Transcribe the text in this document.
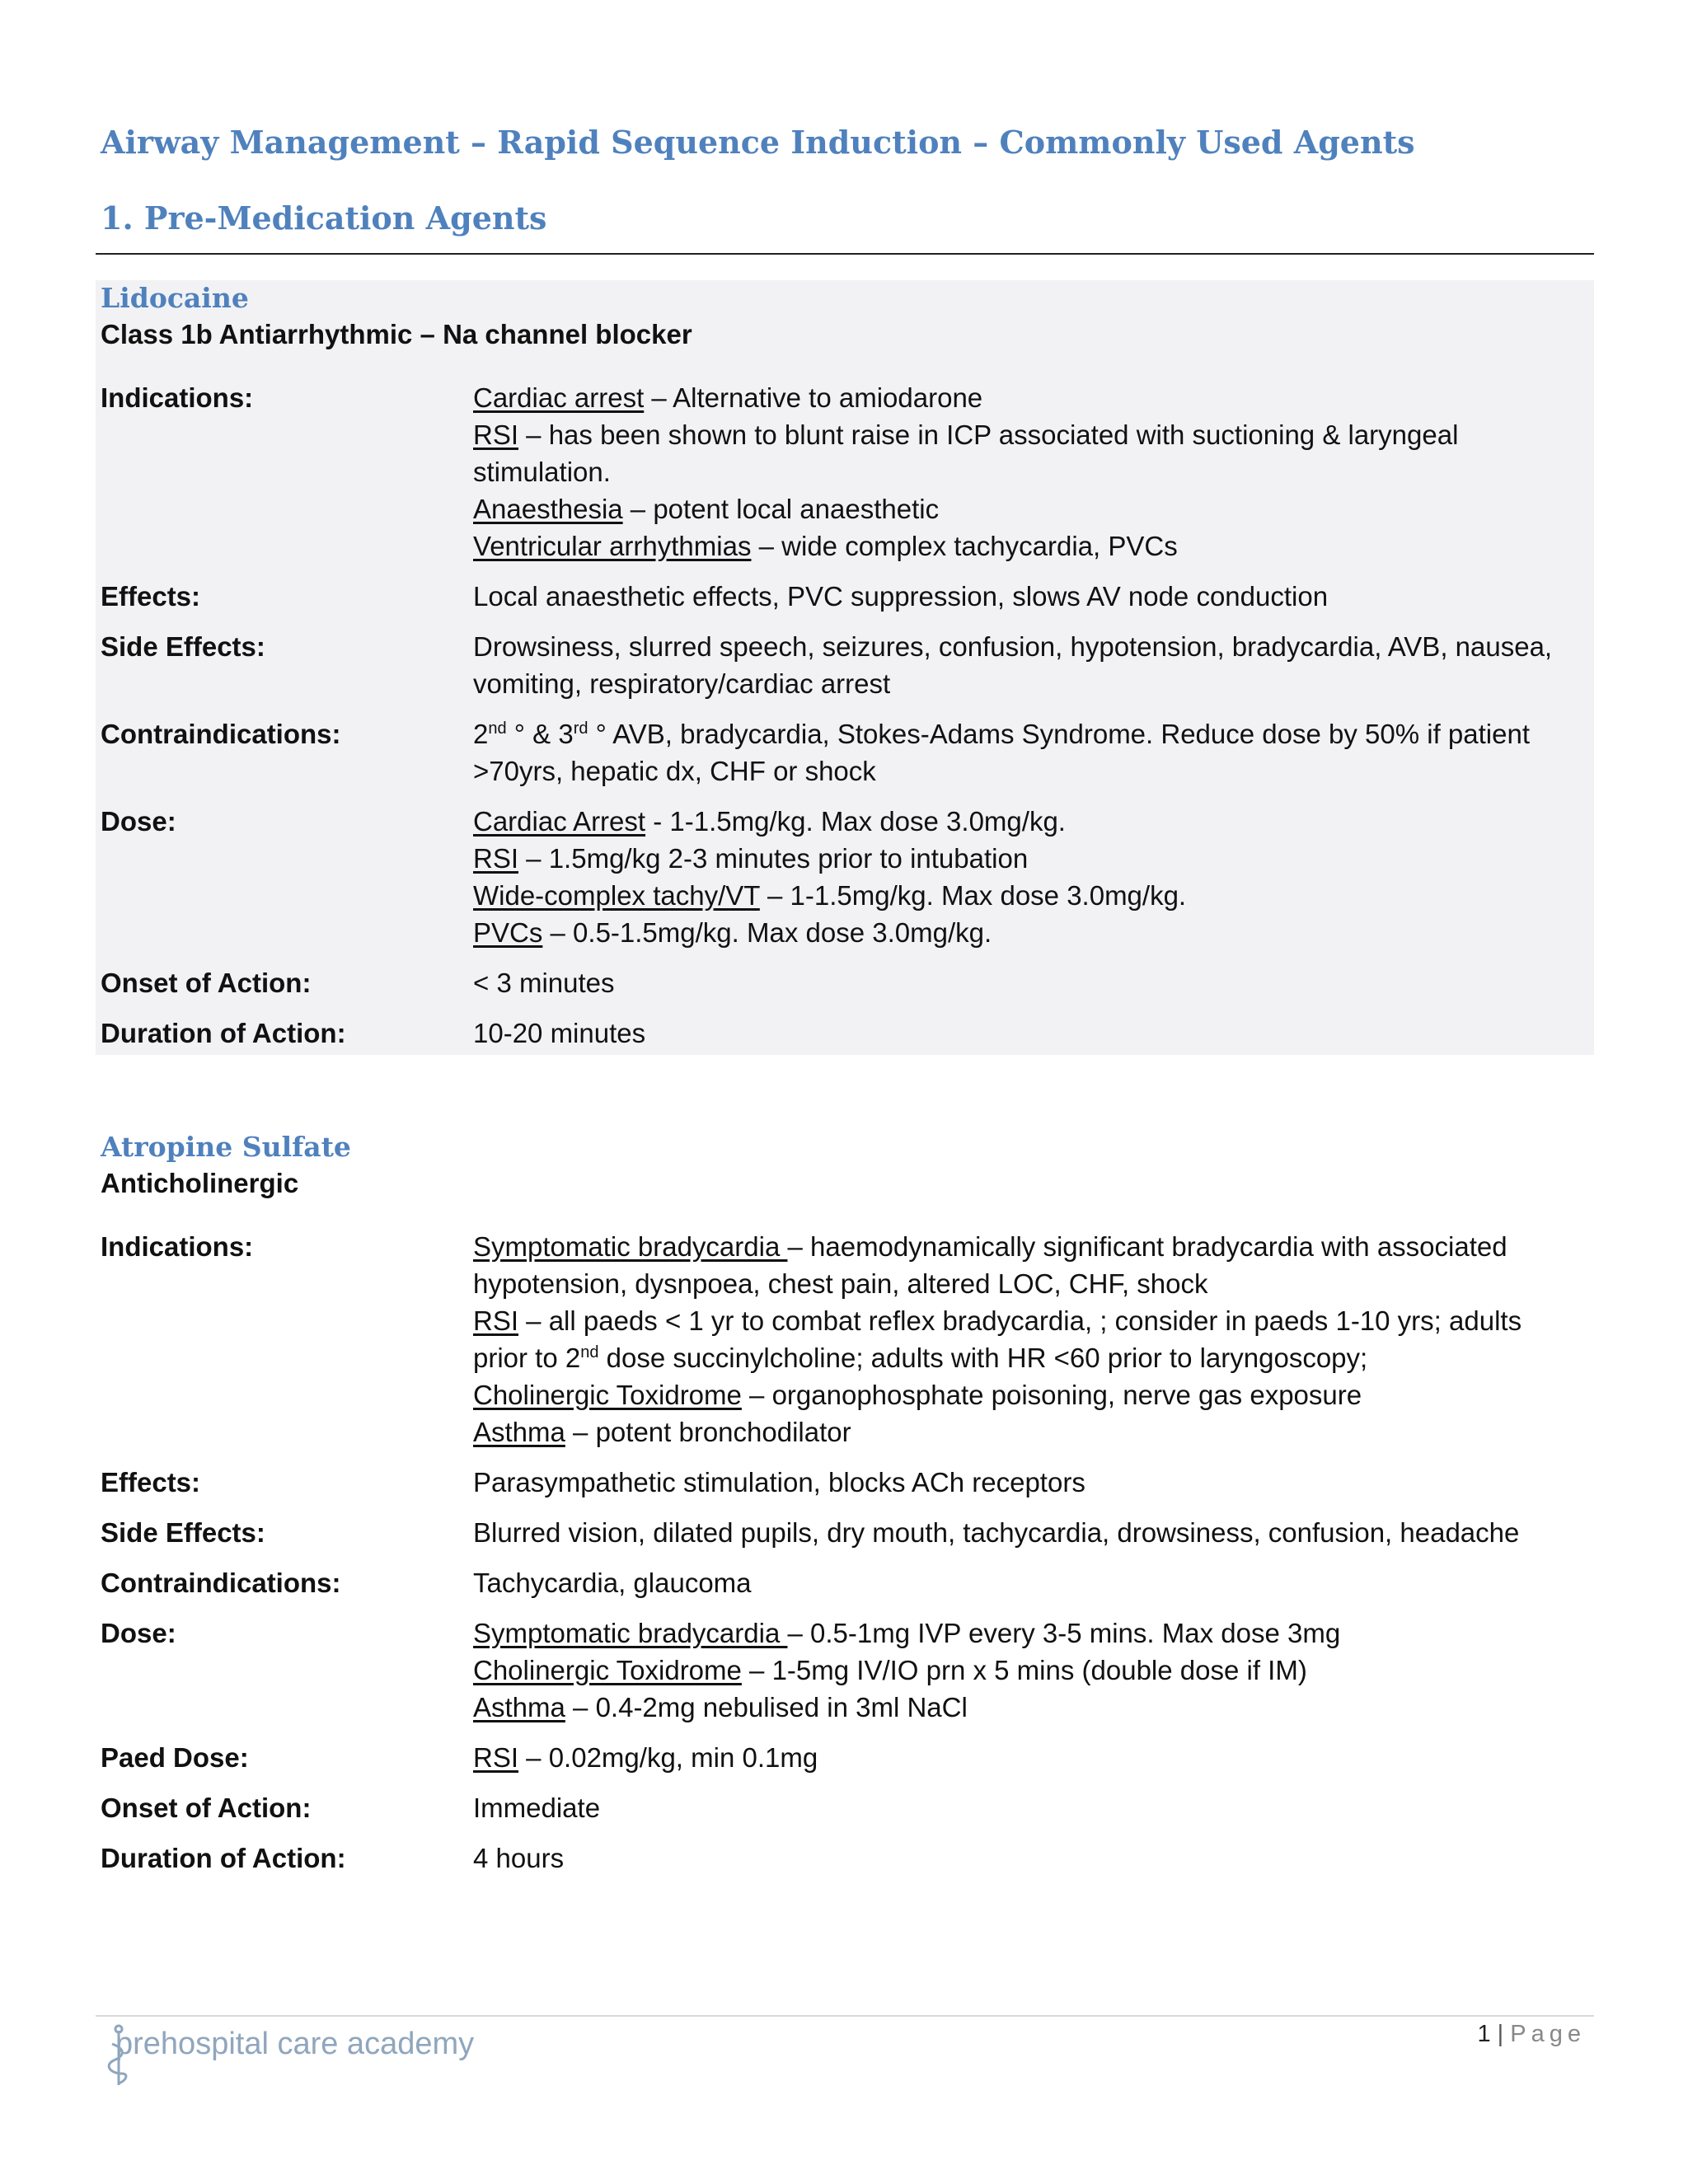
Airway Management – Rapid Sequence Induction – Commonly Used Agents
1. Pre-Medication Agents
Lidocaine
Class 1b Antiarrhythmic – Na channel blocker
Indications:	Cardiac arrest – Alternative to amiodarone
RSI – has been shown to blunt raise in ICP associated with suctioning & laryngeal stimulation.
Anaesthesia – potent local anaesthetic
Ventricular arrhythmias – wide complex tachycardia, PVCs
Effects:	Local anaesthetic effects, PVC suppression, slows AV node conduction
Side Effects:	Drowsiness, slurred speech, seizures, confusion, hypotension, bradycardia, AVB, nausea, vomiting, respiratory/cardiac arrest
Contraindications:	2nd ° & 3rd ° AVB, bradycardia, Stokes-Adams Syndrome. Reduce dose by 50% if patient >70yrs, hepatic dx, CHF or shock
Dose:	Cardiac Arrest - 1-1.5mg/kg. Max dose 3.0mg/kg.
RSI – 1.5mg/kg 2-3 minutes prior to intubation
Wide-complex tachy/VT – 1-1.5mg/kg. Max dose 3.0mg/kg.
PVCs – 0.5-1.5mg/kg. Max dose 3.0mg/kg.
Onset of Action:	< 3 minutes
Duration of Action:	10-20 minutes
Atropine Sulfate
Anticholinergic
Indications:	Symptomatic bradycardia – haemodynamically significant bradycardia with associated hypotension, dysnpoea, chest pain, altered LOC, CHF, shock
RSI – all paeds < 1 yr to combat reflex bradycardia, ; consider in paeds 1-10 yrs; adults prior to 2nd dose succinylcholine; adults with HR <60 prior to laryngoscopy;
Cholinergic Toxidrome – organophosphate poisoning, nerve gas exposure
Asthma – potent bronchodilator
Effects:	Parasympathetic stimulation, blocks ACh receptors
Side Effects:	Blurred vision, dilated pupils, dry mouth, tachycardia, drowsiness, confusion, headache
Contraindications:	Tachycardia, glaucoma
Dose:	Symptomatic bradycardia – 0.5-1mg IVP every 3-5 mins. Max dose 3mg
Cholinergic Toxidrome – 1-5mg IV/IO prn x 5 mins (double dose if IM)
Asthma – 0.4-2mg nebulised in 3ml NaCl
Paed Dose:	RSI – 0.02mg/kg, min 0.1mg
Onset of Action:	Immediate
Duration of Action:	4 hours
prehospital care academy	1 | Page
